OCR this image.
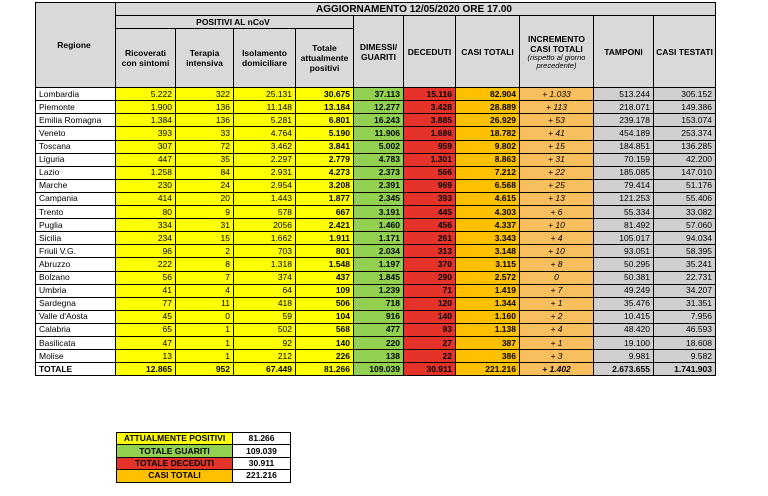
Regione	AGGIORNAMENTO 12/05/2020 ORE 17.00									
	POSITIVI AL nCoV				DIMESSI/ GUARITI	DECEDUTI	CASI TOTALI	INCREMENTO CASI TOTALI
(rispetto al giorno precedente)	TAMPONI	CASI TESTATI
	Ricoverati con sintomi	Terapia intensiva	Isolamento domiciliare	Totale attualmente positivi						
Lombardia	5.222	322	25.131	30.675	37.113	15.116	82.904	+ 1.033	513.244	305.152
Piemonte	1.900	136	11.148	13.184	12.277	3.428	28.889	+ 113	218.071	149.386
Emilia Romagna	1.384	136	5.281	6.801	16.243	3.885	26.929	+ 53	239.178	153.074
Veneto	393	33	4.764	5.190	11.906	1.686	18.782	+ 41	454.189	253.374
Toscana	307	72	3.462	3.841	5.002	959	9.802	+ 15	184.851	136.285
Liguria	447	35	2.297	2.779	4.783	1.301	8.863	+ 31	70.159	42.200
Lazio	1.258	84	2.931	4.273	2.373	566	7.212	+ 22	185.085	147.010
Marche	230	24	2.954	3.208	2.391	969	6.568	+ 25	79.414	51.176
Campania	414	20	1.443	1.877	2.345	393	4.615	+ 13	121.253	55.406
Trento	80	9	578	667	3.191	445	4.303	+ 6	55.334	33.082
Puglia	334	31	2056	2.421	1.460	456	4.337	+ 10	81.492	57.060
Sicilia	234	15	1.662	1.911	1.171	261	3.343	+ 4	105.017	94.034
Friuli V.G.	96	2	703	801	2.034	313	3.148	+ 10	93.051	58.395
Abruzzo	222	8	1.318	1.548	1.197	370	3.115	+ 8	50.295	35.241
Bolzano	56	7	374	437	1.845	290	2.572	0	50.381	22.731
Umbria	41	4	64	109	1.239	71	1.419	+ 7	49.249	34.207
Sardegna	77	11	418	506	718	120	1.344	+ 1	35.476	31.351
Valle d'Aosta	45	0	59	104	916	140	1.160	+ 2	10.415	7.956
Calabria	65	1	502	568	477	93	1.138	+ 4	48.420	46.593
Basilicata	47	1	92	140	220	27	387	+ 1	19.100	18.608
Molise	13	1	212	226	138	22	386	+ 3	9.981	9.582
TOTALE	12.865	952	67.449	81.266	109.039	30.911	221.216	+ 1.402	2.673.655	1.741.903
ATTUALMENTE POSITIVI	81.266
TOTALE GUARITI	109.039
TOTALE DECEDUTI	30.911
CASI TOTALI	221.216
